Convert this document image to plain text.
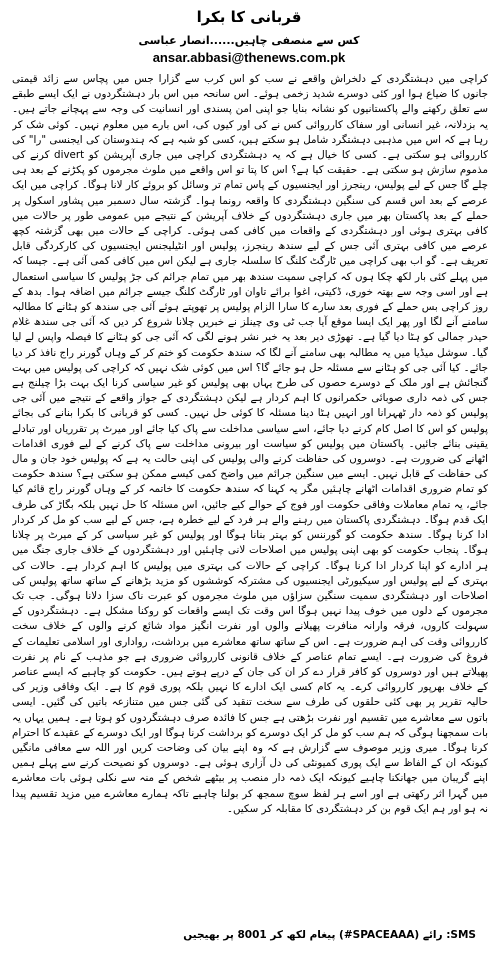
قربانی کا بکرا
کس سے منصفی چاہیں......انصار عباسی
ansar.abbasi@thenews.com.pk

کراچی میں دہشتگردی کے دلخراش واقعے نے سب کو اس کرب سے گزارا جس میں پچاس سے زائد قیمتی جانوں کا ضیاع ہوا اور کئی دوسرے شدید زخمی ہوئے۔ اس سانحہ میں اس بار دہشتگردوں نے ایک ایسے طبقے سے تعلق رکھنے والے پاکستانیوں کو نشانہ بنایا جو اپنی امن پسندی اور انسانیت کی وجہ سے پہچانے جاتے ہیں۔ یہ بزدلانہ، غیر انسانی اور سفاک کارروائی کس نے کی اور کیوں کی، اس بارے میں معلوم نہیں۔ کوئی شک کر رہا ہے کہ اس میں مذہبی دہشتگرد شامل ہو سکتے ہیں، کسی کو شبہ ہے کہ ہندوستان کی ایجنسی "را" کی کارروائی ہو سکتی ہے۔ کسی کا خیال ہے کہ یہ دہشتگردی کراچی میں جاری آپریشن کو divert کرنے کی مذموم سازش ہو سکتی ہے۔ حقیقت کیا ہے؟ اس کا پتا تو اس واقعے میں ملوث مجرموں کو پکڑنے کے بعد ہی چلے گا جس کے لیے پولیس، رینجرز اور ایجنسیوں کے پاس تمام تر وسائل کو بروئے کار لانا ہوگا۔ کراچی میں ایک عرصے کے بعد اس قسم کی سنگین دہشتگردی کا واقعہ رونما ہوا۔ گزشتہ سال دسمبر میں پشاور اسکول پر حملے کے بعد پاکستان بھر میں جاری دہشتگردوں کے خلاف آپریشن کے نتیجے میں عمومی طور پر حالات میں کافی بہتری ہوئی اور دہشتگردی کے واقعات میں کافی کمی ہوئی۔ کراچی کے حالات میں بھی گزشتہ کچھ عرصے میں کافی بہتری آئی جس کے لیے سندھ رینجرز، پولیس اور انٹیلیجنس ایجنسیوں کی کارکردگی قابل تعریف ہے۔ گو اب بھی کراچی میں ٹارگٹ کلنگ کا سلسلہ جاری ہے لیکن اس میں کافی کمی آئی ہے۔ جیسا کہ میں پہلے کئی بار لکھ چکا ہوں کہ کراچی سمیت سندھ بھر میں تمام جرائم کی جڑ پولیس کا سیاسی استعمال ہے اور اسی وجہ سے بھتہ خوری، ڈکیتی، اغوا برائے تاوان اور ٹارگٹ کلنگ جیسے جرائم میں اضافہ ہوا۔ بدھ کے روز کراچی بس حملے کے فوری بعد سارے کا سارا الزام پولیس پر تھوپتے ہوئے آئی جی سندھ کو ہٹانے کا مطالبہ سامنے آنے لگا اور پھر ایک ایسا موقع آیا جب ٹی وی چینلز نے خبریں چلانا شروع کر دیں کہ آئی جی سندھ غلام حیدر جمالی کو ہٹا دیا گیا ہے۔ تھوڑی دیر بعد یہ خبر نشر ہونے لگی کہ آئی جی کو ہٹانے کا فیصلہ واپس لے لیا گیا۔ سوشل میڈیا میں یہ مطالبہ بھی سامنے آنے لگا کہ سندھ حکومت کو ختم کر کے وہاں گورنر راج نافذ کر دیا جائے۔ کیا آئی جی کو ہٹانے سے مسئلہ حل ہو جائے گا؟ اس میں کوئی شک نہیں کہ کراچی کی پولیس میں بہت گنجائش ہے اور ملک کے دوسرے حصوں کی طرح یہاں بھی پولیس کو غیر سیاسی کرنا ایک بہت بڑا چیلنج ہے جس کی ذمہ داری صوبائی حکمرانوں کا اہم کردار ہے لیکن دہشتگردی کے جواز واقعے کے نتیجے میں آئی جی پولیس کو ذمہ دار ٹھہرانا اور انہیں ہٹا دینا مسئلہ کا کوئی حل نہیں۔ کسی کو قربانی کا بکرا بنانے کی بجائے پولیس کو اس کا اصل کام کرنے دیا جائے، اسے سیاسی مداخلت سے پاک کیا جائے اور میرٹ پر تقرریاں اور تبادلے یقینی بنائے جائیں۔ پاکستان میں پولیس کو سیاست اور بیرونی مداخلت سے پاک کرنے کے لیے فوری اقدامات اٹھانے کی ضرورت ہے۔ دوسروں کی حفاظت کرنے والی پولیس کی اپنی حالت یہ ہے کہ پولیس خود جان و مال کی حفاظت کے قابل نہیں۔ ایسے میں سنگین جرائم میں واضح کمی کیسے ممکن ہو سکتی ہے؟ سندھ حکومت کو تمام ضروری اقدامات اٹھانے چاہئیں مگر یہ کہنا کہ سندھ حکومت کا خاتمہ کر کے وہاں گورنر راج قائم کیا جائے، یہ تمام معاملات وفاقی حکومت اور فوج کے حوالے کیے جائیں، اس مسئلہ کا حل نہیں بلکہ بگاڑ کی طرف ایک قدم ہوگا۔ دہشتگردی پاکستان میں رہنے والے ہر فرد کے لیے خطرہ ہے، جس کے لیے سب کو مل کر کردار ادا کرنا ہوگا۔ سندھ حکومت کو گورننس کو بہتر بنانا ہوگا اور پولیس کو غیر سیاسی کر کے میرٹ پر چلانا ہوگا۔ پنجاب حکومت کو بھی اپنی پولیس میں اصلاحات لانی چاہئیں اور دہشتگردوں کے خلاف جاری جنگ میں ہر ادارے کو اپنا کردار ادا کرنا ہوگا۔ کراچی کے حالات کی بہتری میں پولیس کا اہم کردار ہے۔ حالات کی بہتری کے لیے پولیس اور سیکیورٹی ایجنسیوں کی مشترکہ کوششوں کو مزید بڑھانے کے ساتھ ساتھ پولیس کی اصلاحات اور دہشتگردی سمیت سنگین سزاؤں میں ملوث مجرموں کو عبرت ناک سزا دلانا ہوگی۔ جب تک مجرموں کے دلوں میں خوف پیدا نہیں ہوگا اس وقت تک ایسے واقعات کو روکنا مشکل ہے۔ دہشتگردوں کے سہولت کاروں، فرقہ وارانہ منافرت پھیلانے والوں اور نفرت انگیز مواد شائع کرنے والوں کے خلاف سخت کارروائی وقت کی اہم ضرورت ہے۔ اس کے ساتھ ساتھ معاشرے میں برداشت، رواداری اور اسلامی تعلیمات کے فروغ کی ضرورت ہے۔ ایسے تمام عناصر کے خلاف قانونی کارروائی ضروری ہے جو مذہب کے نام پر نفرت پھیلاتے ہیں اور دوسروں کو کافر قرار دے کر ان کی جان کے درپے ہوتے ہیں۔ حکومت کو چاہیے کہ ایسے عناصر کے خلاف بھرپور کارروائی کرے۔ یہ کام کسی ایک ادارے کا نہیں بلکہ پوری قوم کا ہے۔ ایک وفاقی وزیر کی حالیہ تقریر پر بھی کئی حلقوں کی طرف سے سخت تنقید کی گئی جس میں متنازعہ باتیں کی گئیں۔ ایسی باتوں سے معاشرے میں تقسیم اور نفرت بڑھتی ہے جس کا فائدہ صرف دہشتگردوں کو ہوتا ہے۔ ہمیں یہاں یہ بات سمجھنا ہوگی کہ ہم سب کو مل کر ایک دوسرے کو برداشت کرنا ہوگا اور ایک دوسرے کے عقیدے کا احترام کرنا ہوگا۔ میری وزیر موصوف سے گزارش ہے کہ وہ اپنے بیان کی وضاحت کریں اور اللہ سے معافی مانگیں کیونکہ ان کے الفاظ سے ایک پوری کمیونٹی کی دل آزاری ہوئی ہے۔ دوسروں کو نصیحت کرنے سے پہلے ہمیں اپنے گریبان میں جھانکنا چاہیے کیونکہ ایک ذمہ دار منصب پر بیٹھے شخص کے منہ سے نکلی ہوئی بات معاشرے میں گہرا اثر رکھتی ہے اور اسے ہر لفظ سوچ سمجھ کر بولنا چاہیے تاکہ ہمارے معاشرے میں مزید تقسیم پیدا نہ ہو اور ہم ایک قوم بن کر دہشتگردی کا مقابلہ کر سکیں۔

SMS: رائے (SPACEAAA#) پیغام لکھ کر 8001 پر بھیجیں
